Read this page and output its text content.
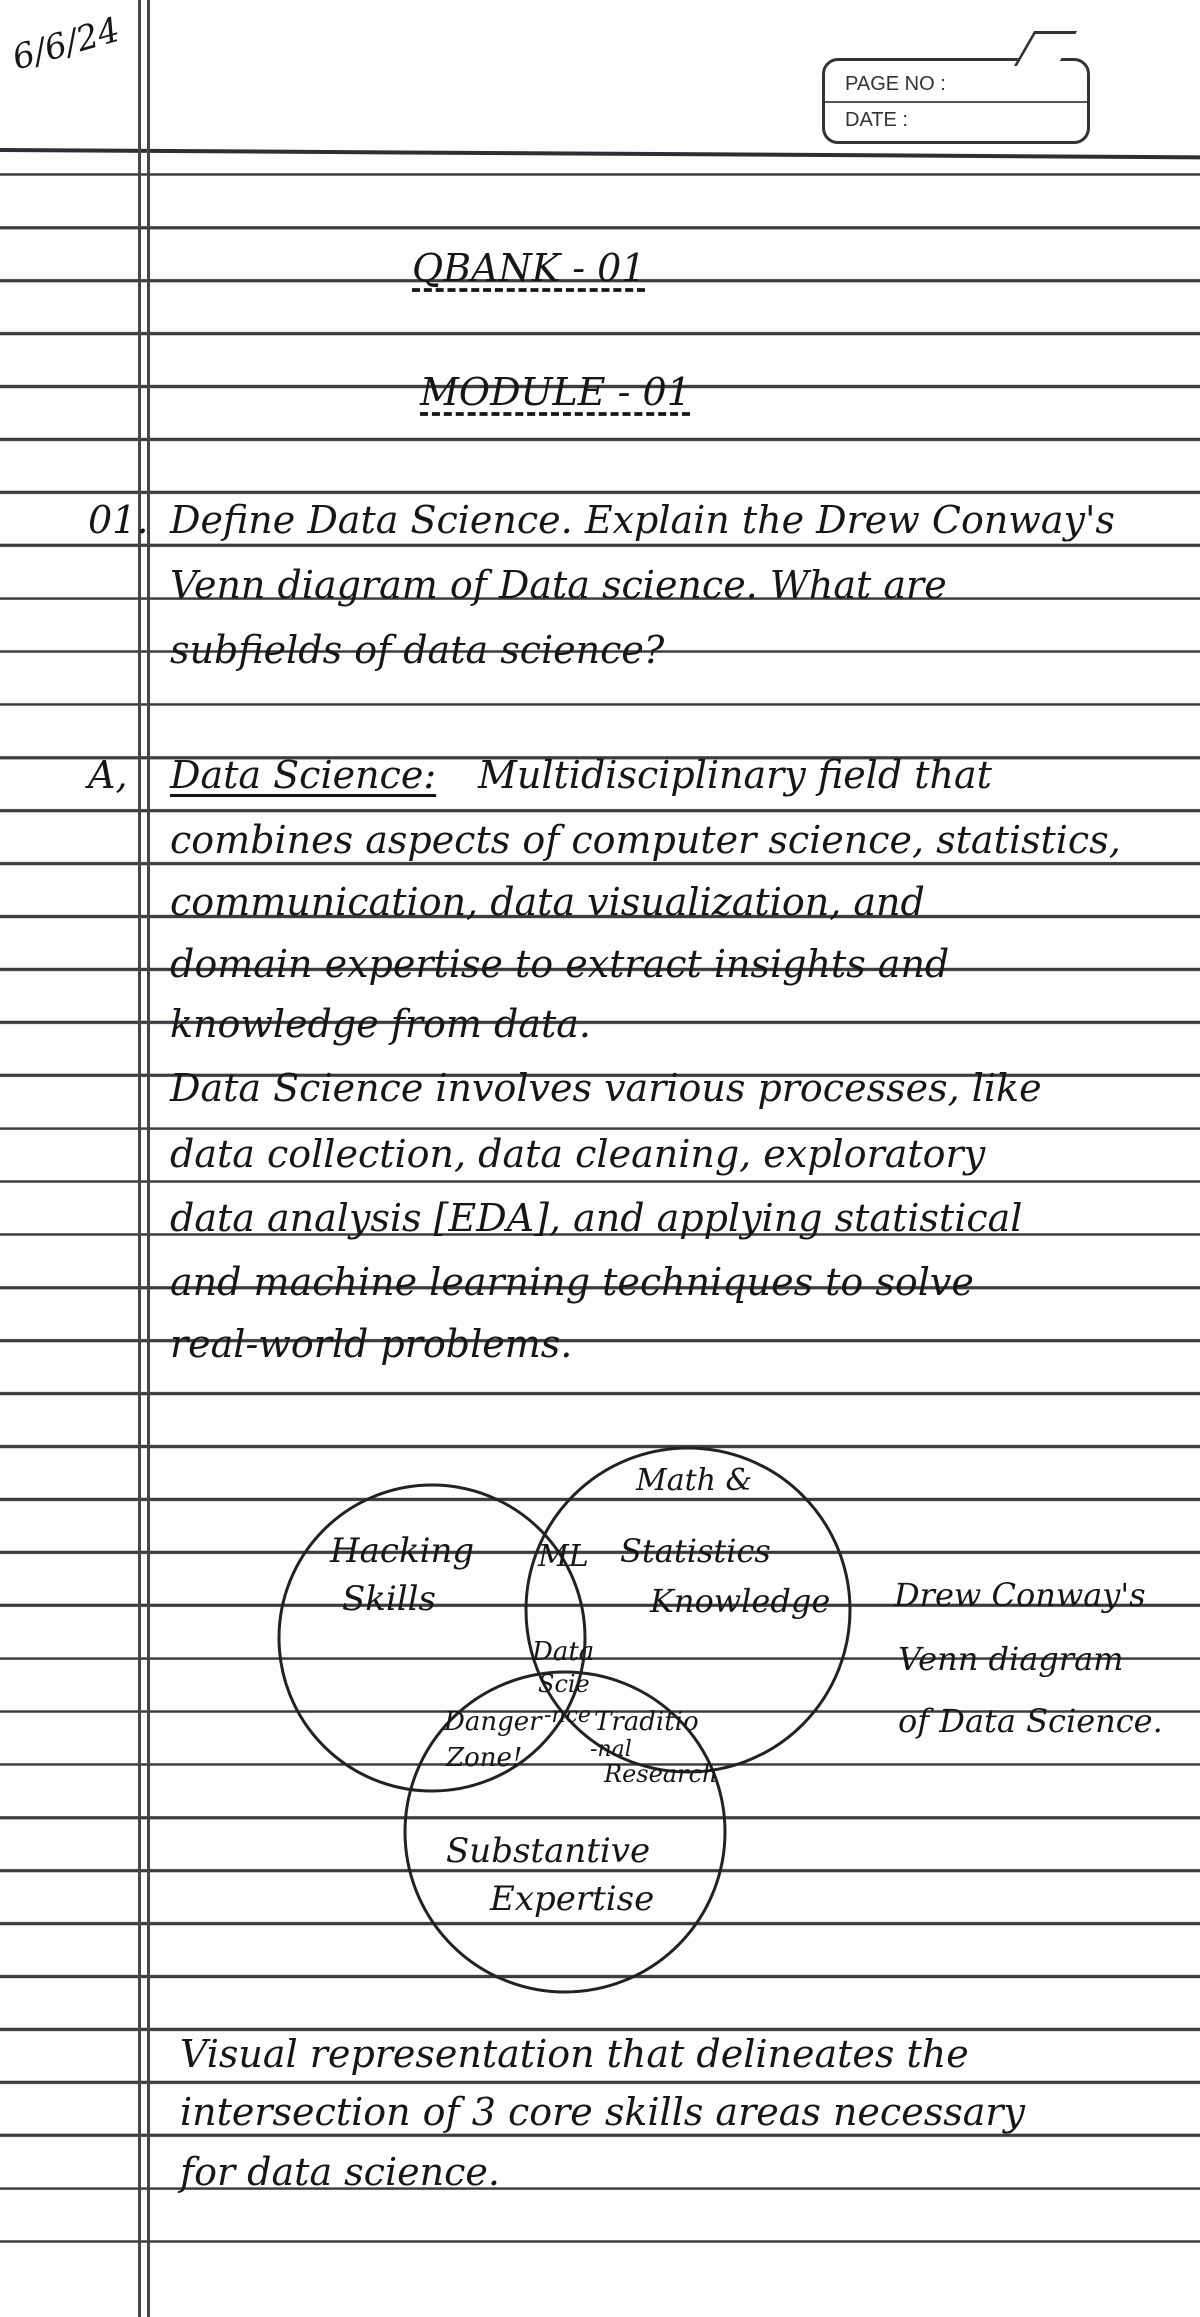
6/6/24
PAGE NO :
DATE :
QBANK - 01
MODULE - 01
01. Define Data Science. Explain the Drew Conway's
Venn diagram of Data science. What are
subfields of data science?
A, Data Science: Multidisciplinary field that
combines aspects of computer science, statistics,
communication, data visualization, and
domain expertise to extract insights and
knowledge from data.
Data Science involves various processes, like
data collection, data cleaning, exploratory
data analysis [EDA], and applying statistical
and machine learning techniques to solve
real-world problems.
Hacking
Skills
ML
Math &
Statistics
Knowledge
Data
Scie
-nce
Danger
Zone!
Traditio
-nal
Research
Substantive
Expertise
Drew Conway's
Venn diagram
of Data Science.
Visual representation that delineates the
intersection of 3 core skills areas necessary
for data science.
